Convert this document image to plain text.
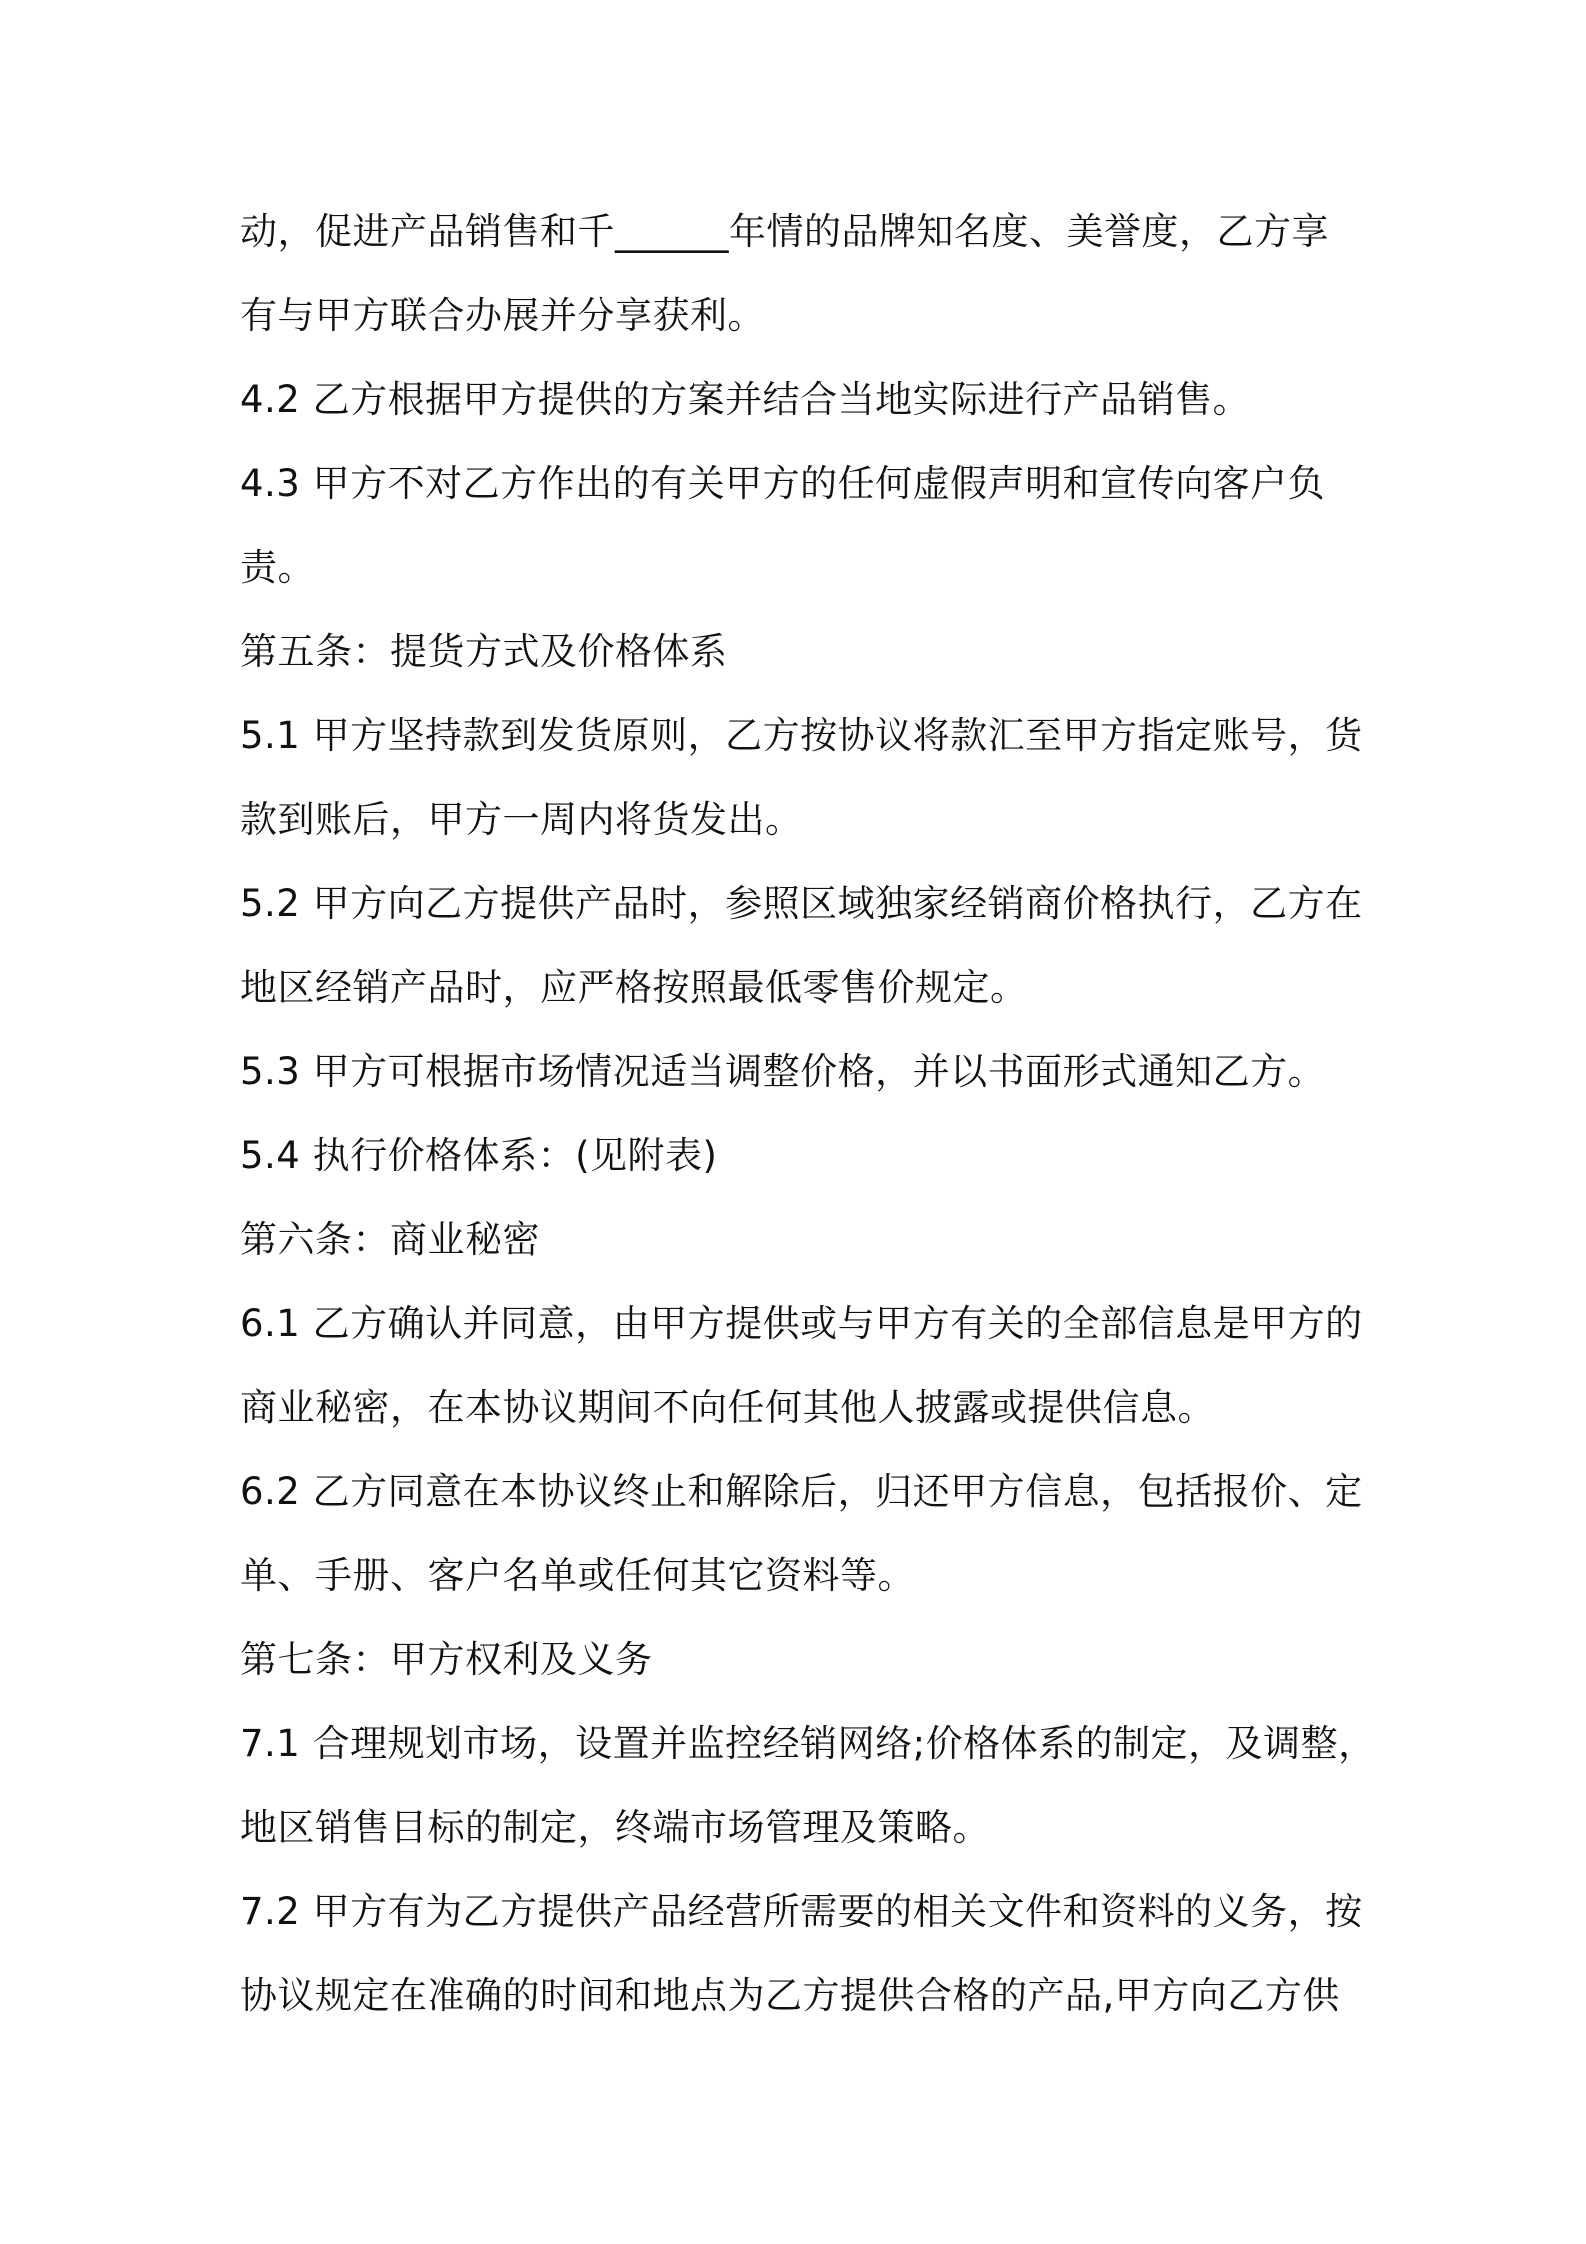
动，促进产品销售和千______年情的品牌知名度、美誉度，乙方享
有与甲方联合办展并分享获利。
4.2 乙方根据甲方提供的方案并结合当地实际进行产品销售。
4.3 甲方不对乙方作出的有关甲方的任何虚假声明和宣传向客户负
责。
第五条：提货方式及价格体系
5.1 甲方坚持款到发货原则，乙方按协议将款汇至甲方指定账号，货
款到账后，甲方一周内将货发出。
5.2 甲方向乙方提供产品时，参照区域独家经销商价格执行，乙方在
地区经销产品时，应严格按照最低零售价规定。
5.3 甲方可根据市场情况适当调整价格，并以书面形式通知乙方。
5.4 执行价格体系：(见附表)
第六条：商业秘密
6.1 乙方确认并同意，由甲方提供或与甲方有关的全部信息是甲方的
商业秘密，在本协议期间不向任何其他人披露或提供信息。
6.2 乙方同意在本协议终止和解除后，归还甲方信息，包括报价、定
单、手册、客户名单或任何其它资料等。
第七条：甲方权利及义务
7.1 合理规划市场，设置并监控经销网络;价格体系的制定，及调整，
地区销售目标的制定，终端市场管理及策略。
7.2 甲方有为乙方提供产品经营所需要的相关文件和资料的义务，按
协议规定在准确的时间和地点为乙方提供合格的产品,甲方向乙方供
